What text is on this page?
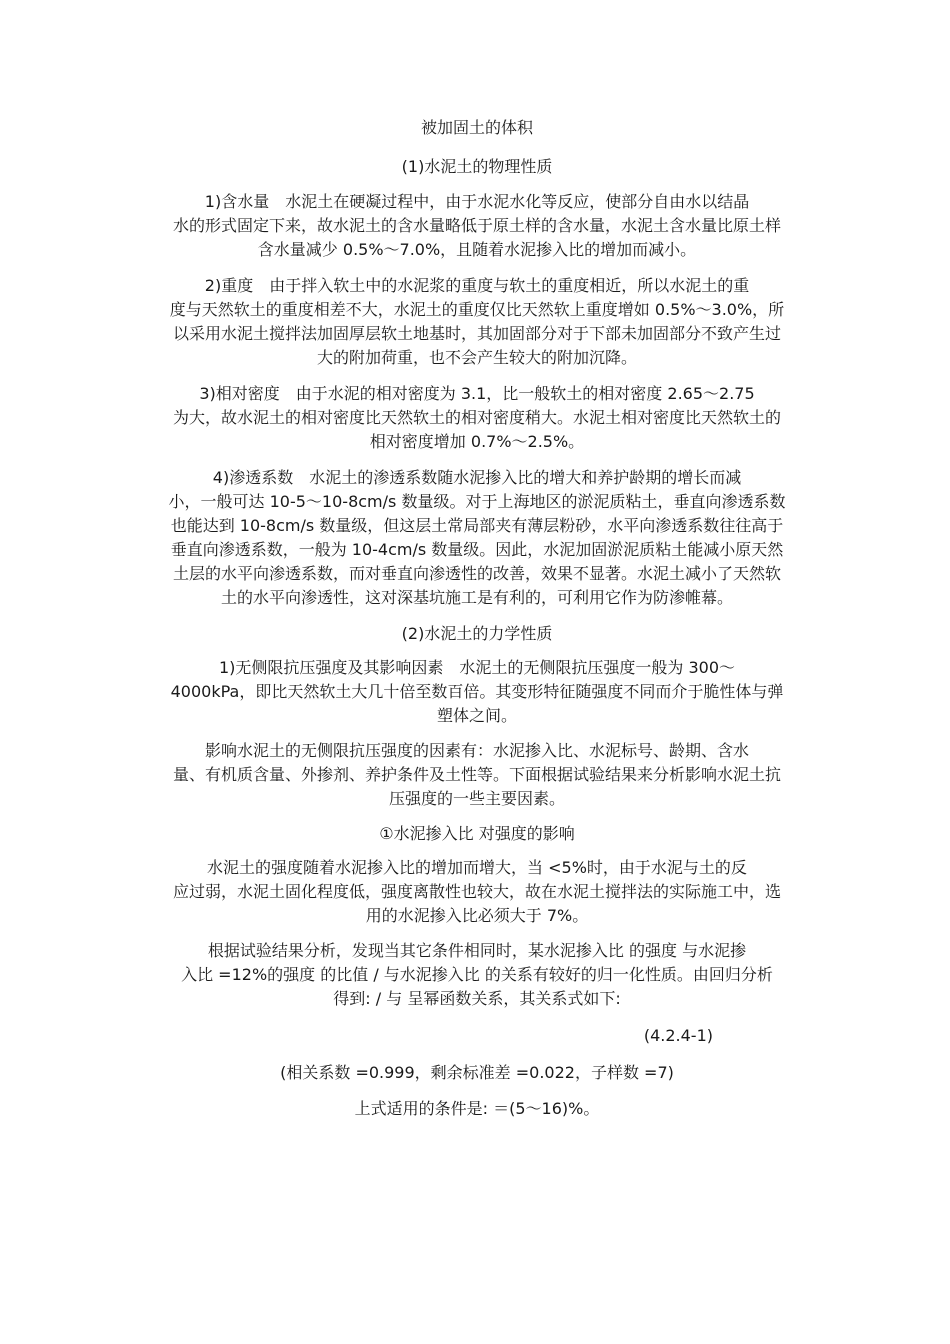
被加固土的体积
(1)水泥土的物理性质
1)含水量　水泥土在硬凝过程中，由于水泥水化等反应，使部分自由水以结晶
水的形式固定下来，故水泥土的含水量略低于原土样的含水量，水泥土含水量比原土样
含水量减少 0.5%～7.0%，且随着水泥掺入比的增加而减小。
2)重度　由于拌入软土中的水泥浆的重度与软土的重度相近，所以水泥土的重
度与天然软土的重度相差不大，水泥土的重度仅比天然软上重度增如 0.5%～3.0%，所
以采用水泥土搅拌法加固厚层软土地基时，其加固部分对于下部未加固部分不致产生过
大的附加荷重，也不会产生较大的附加沉降。
3)相对密度　由于水泥的相对密度为 3.1，比一般软土的相对密度 2.65～2.75
为大，故水泥土的相对密度比天然软土的相对密度稍大。水泥土相对密度比天然软土的
相对密度增加 0.7%～2.5%。
4)渗透系数　水泥土的渗透系数随水泥掺入比的增大和养护龄期的增长而减
小，一般可达 10-5～10-8cm/s 数量级。对于上海地区的淤泥质粘土，垂直向渗透系数
也能达到 10-8cm/s 数量级，但这层土常局部夹有薄层粉砂，水平向渗透系数往往高于
垂直向渗透系数，一般为 10-4cm/s 数量级。因此，水泥加固淤泥质粘土能减小原天然
土层的水平向渗透系数，而对垂直向渗透性的改善，效果不显著。水泥土减小了天然软
土的水平向渗透性，这对深基坑施工是有利的，可利用它作为防渗帷幕。
(2)水泥土的力学性质
1)无侧限抗压强度及其影响因素　水泥土的无侧限抗压强度一般为 300～
4000kPa，即比天然软土大几十倍至数百倍。其变形特征随强度不同而介于脆性体与弹
塑体之间。
影响水泥土的无侧限抗压强度的因素有：水泥掺入比、水泥标号、龄期、含水
量、有机质含量、外掺剂、养护条件及土性等。下面根据试验结果来分析影响水泥土抗
压强度的一些主要因素。
①水泥掺入比 对强度的影响
水泥土的强度随着水泥掺入比的增加而增大，当 <5%时，由于水泥与土的反
应过弱，水泥土固化程度低，强度离散性也较大，故在水泥土搅拌法的实际施工中，选
用的水泥掺入比必须大于 7%。
根据试验结果分析，发现当其它条件相同时，某水泥掺入比 的强度 与水泥掺
入比 =12%的强度 的比值 / 与水泥掺入比 的关系有较好的归一化性质。由回归分析
得到: / 与 呈幂函数关系，其关系式如下:
(4.2.4-1)
(相关系数 =0.999，剩余标准差 =0.022，子样数 =7)
上式适用的条件是: ＝(5～16)%。
